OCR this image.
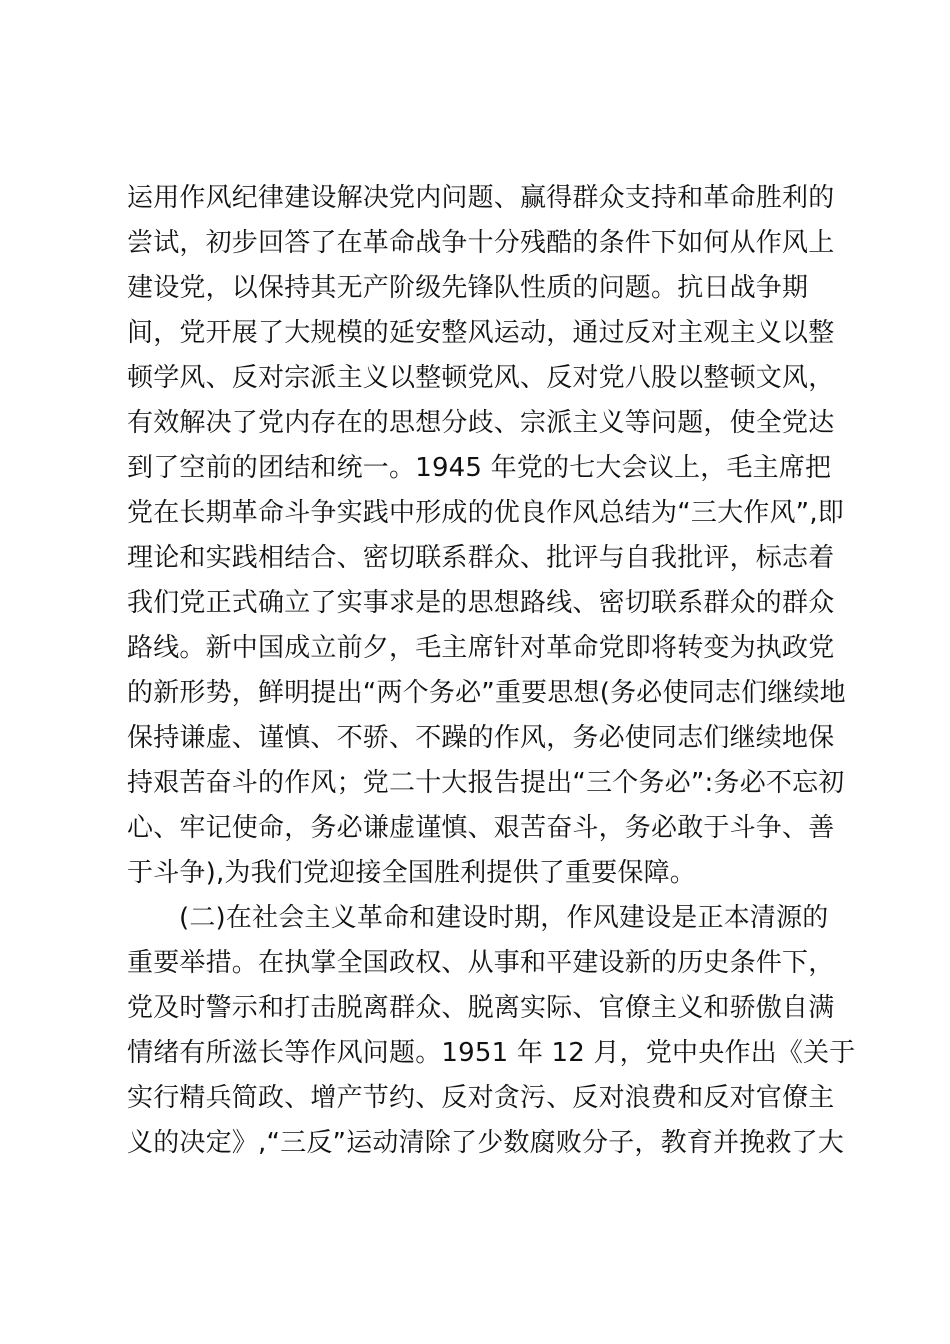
运用作风纪律建设解决党内问题、赢得群众支持和革命胜利的
尝试，初步回答了在革命战争十分残酷的条件下如何从作风上
建设党，以保持其无产阶级先锋队性质的问题。抗日战争期
间，党开展了大规模的延安整风运动，通过反对主观主义以整
顿学风、反对宗派主义以整顿党风、反对党八股以整顿文风，
有效解决了党内存在的思想分歧、宗派主义等问题，使全党达
到了空前的团结和统一。1945 年党的七大会议上，毛主席把
党在长期革命斗争实践中形成的优良作风总结为“三大作风”,即
理论和实践相结合、密切联系群众、批评与自我批评，标志着
我们党正式确立了实事求是的思想路线、密切联系群众的群众
路线。新中国成立前夕，毛主席针对革命党即将转变为执政党
的新形势，鲜明提出“两个务必”重要思想(务必使同志们继续地
保持谦虚、谨慎、不骄、不躁的作风，务必使同志们继续地保
持艰苦奋斗的作风；党二十大报告提出“三个务必”:务必不忘初
心、牢记使命，务必谦虚谨慎、艰苦奋斗，务必敢于斗争、善
于斗争),为我们党迎接全国胜利提供了重要保障。
(二)在社会主义革命和建设时期，作风建设是正本清源的
重要举措。在执掌全国政权、从事和平建设新的历史条件下，
党及时警示和打击脱离群众、脱离实际、官僚主义和骄傲自满
情绪有所滋长等作风问题。1951 年 12 月，党中央作出《关于
实行精兵简政、增产节约、反对贪污、反对浪费和反对官僚主
义的决定》,“三反”运动清除了少数腐败分子，教育并挽救了大
